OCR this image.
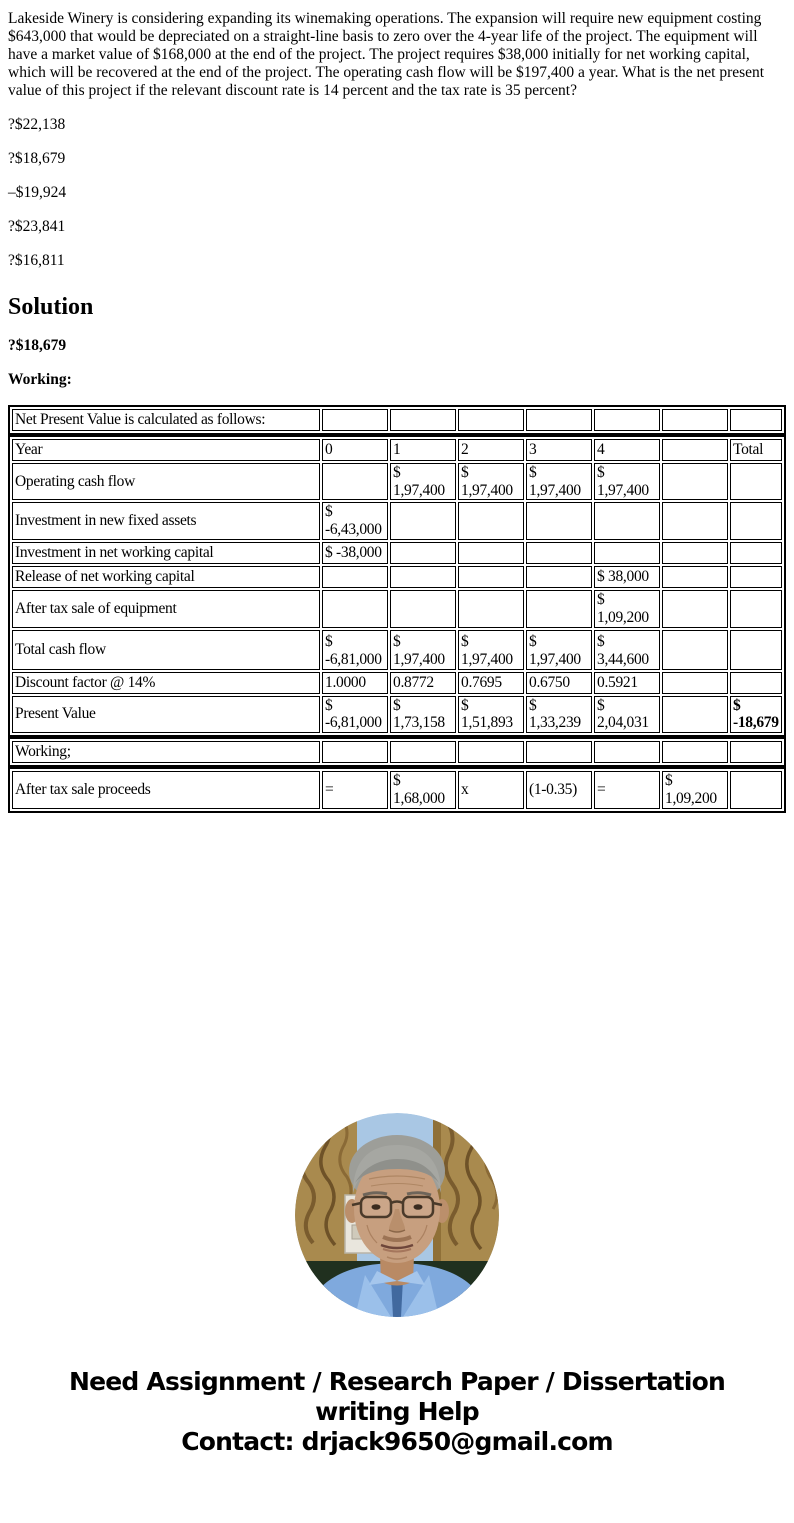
Lakeside Winery is considering expanding its winemaking operations. The expansion will require new equipment costing $643,000 that would be depreciated on a straight-line basis to zero over the 4-year life of the project. The equipment will have a market value of $168,000 at the end of the project. The project requires $38,000 initially for net working capital, which will be recovered at the end of the project. The operating cash flow will be $197,400 a year. What is the net present value of this project if the relevant discount rate is 14 percent and the tax rate is 35 percent?

?$22,138

?$18,679

–$19,924

?$23,841

?$16,811

Solution

?$18,679

Working:

Net Present Value is calculated as follows:							
Year	0	1	2	3	4		Total
Operating cash flow		$ 1,97,400	$ 1,97,400	$ 1,97,400	$ 1,97,400		
Investment in new fixed assets	$ -6,43,000						
Investment in net working capital	$ -38,000						
Release of net working capital					$ 38,000		
After tax sale of equipment					$ 1,09,200		
Total cash flow	$ -6,81,000	$ 1,97,400	$ 1,97,400	$ 1,97,400	$ 3,44,600		
Discount factor @ 14%	1.0000	0.8772	0.7695	0.6750	0.5921		
Present Value	$ -6,81,000	$ 1,73,158	$ 1,51,893	$ 1,33,239	$ 2,04,031		$ -18,679
Working;							
After tax sale proceeds	=	$ 1,68,000	x	(1-0.35)	=	$ 1,09,200	
Need Assignment / Research Paper / Dissertation
writing Help
Contact: drjack9650@gmail.com
